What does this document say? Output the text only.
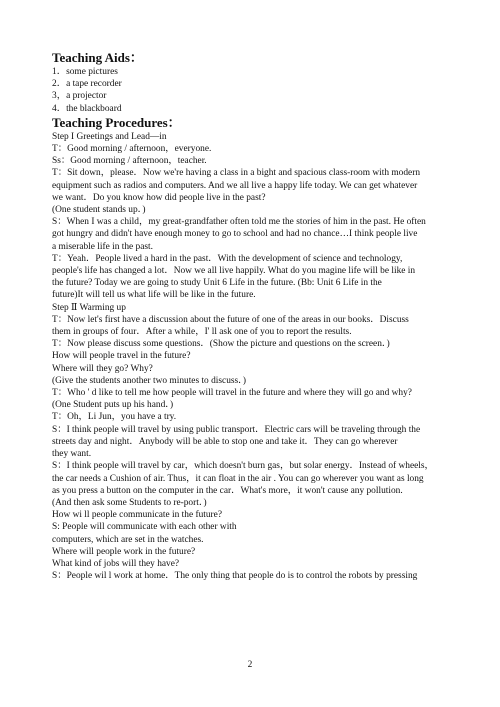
Teaching Aids：
1．some pictures
2．a tape recorder
3，a projector
4．the blackboard
Teaching Procedures：
Step I Greetings and Lead—in
T：Good morning / afternoon，everyone.
Ss：Good morning / afternoon，teacher.
T：Sit down，please．Now we're having a class in a bight and spacious class-room with modern
equipment such as radios and computers. And we all live a happy life today. We can get whatever
we want．Do you know how did people live in the past?
(One student stands up．)
S：When I was a child，my great-grandfather often told me the stories of him in the past. He often
got hungry and didn't have enough money to go to school and had no chance…I think people live
a miserable life in the past.
T：Yeah．People lived a hard in the past．With the development of science and technology,
people's life has changed a lot．Now we all live happily. What do you magine life will be like in
the future? Today we are going to study Unit 6 Life in the future. (Bb: Unit 6 Life in the
future)It will tell us what life will be like in the future.
Step Ⅱ Warming up
T：Now let's first have a discussion about the future of one of the areas in our books．Discuss
them in groups of four．After a while，I' ll ask one of you to report the results.
T：Now please discuss some questions．(Show the picture and questions on the screen．)
How will people travel in the future?
Where will they go? Why?
(Give the students another two minutes to discuss．)
T：Who ' d like to tell me how people will travel in the future and where they will go and why?
(One Student puts up his hand．)
T：Oh，Li Jun，you have a try.
S：I think people will travel by using public transport．Electric cars will be traveling through the
streets day and night．Anybody will be able to stop one and take it．They can go wherever
they want.
S：I think people will travel by car，which doesn't burn gas，but solar energy．Instead of wheels，
the car needs a Cushion of air. Thus，it can float in the air . You can go wherever you want as long
as you press a button on the computer in the car．What's more，it won't cause any pollution.
(And then ask some Students to re-port．)
How wi ll people communicate in the future?
S: People will communicate with each other with
computers, which are set in the watches.
Where will people work in the future?
What kind of jobs will they have?
S：People wil l work at home．The only thing that people do is to control the robots by pressing
2
